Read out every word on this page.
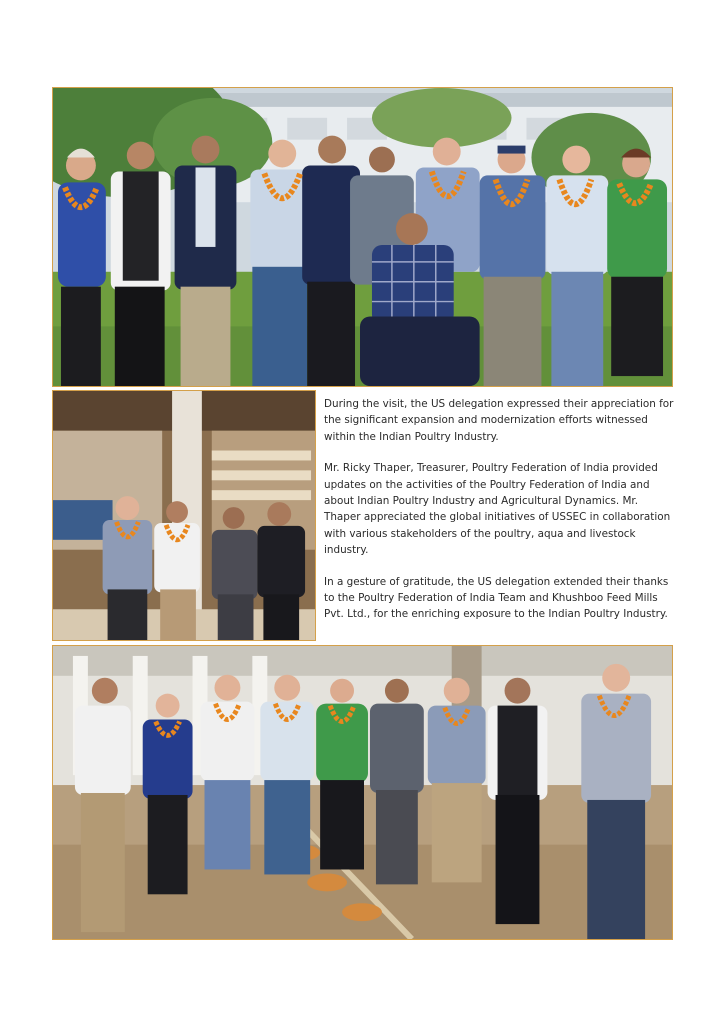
During the visit, the US delegation expressed their appreciation for the significant expansion and modernization efforts witnessed within the Indian Poultry Industry.

Mr. Ricky Thaper, Treasurer, Poultry Federation of India provided updates on the activities of the Poultry Federation of India and about Indian Poultry Industry and Agricultural Dynamics. Mr. Thaper appreciated the global initiatives of USSEC in collaboration with various stakeholders of the poultry, aqua and livestock industry.

In a gesture of gratitude, the US delegation extended their thanks to the Poultry Federation of India Team and Khushboo Feed Mills Pvt. Ltd., for the enriching exposure to the Indian Poultry Industry.
